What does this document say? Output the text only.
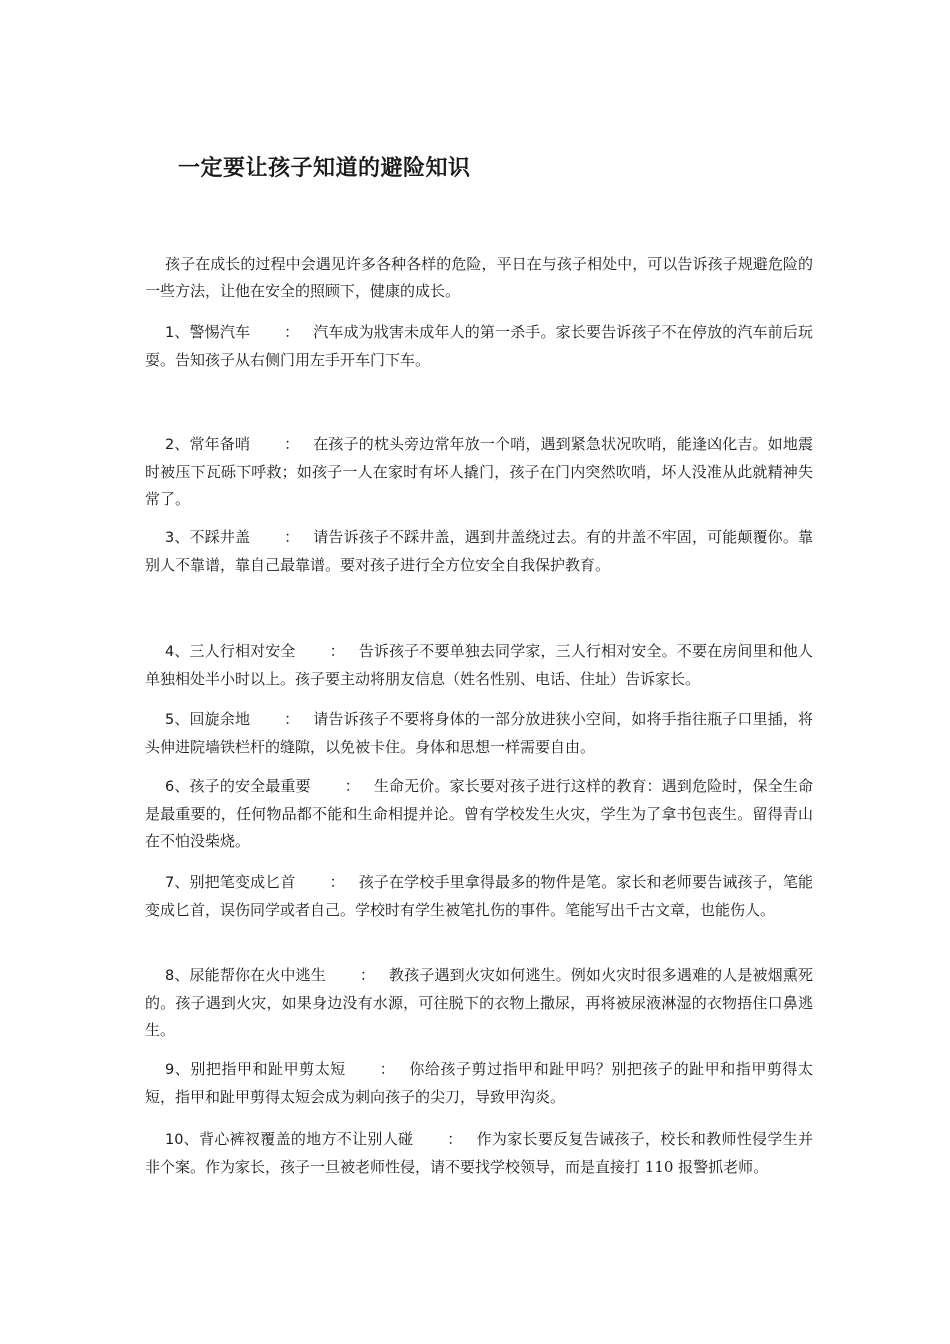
一定要让孩子知道的避险知识

孩子在成长的过程中会遇见许多各种各样的危险，平日在与孩子相处中，可以告诉孩子规避危险的一些方法，让他在安全的照顾下，健康的成长。

1、警惕汽车 ： 汽车成为戕害未成年人的第一杀手。家长要告诉孩子不在停放的汽车前后玩耍。告知孩子从右侧门用左手开车门下车。

2、常年备哨 ： 在孩子的枕头旁边常年放一个哨，遇到紧急状况吹哨，能逢凶化吉。如地震时被压下瓦砾下呼救；如孩子一人在家时有坏人撬门，孩子在门内突然吹哨，坏人没准从此就精神失常了。

3、不踩井盖 ： 请告诉孩子不踩井盖，遇到井盖绕过去。有的井盖不牢固，可能颠覆你。靠别人不靠谱，靠自己最靠谱。要对孩子进行全方位安全自我保护教育。

4、三人行相对安全 ： 告诉孩子不要单独去同学家，三人行相对安全。不要在房间里和他人单独相处半小时以上。孩子要主动将朋友信息（姓名性别、电话、住址）告诉家长。

5、回旋余地 ： 请告诉孩子不要将身体的一部分放进狭小空间，如将手指往瓶子口里插，将头伸进院墙铁栏杆的缝隙，以免被卡住。身体和思想一样需要自由。

6、孩子的安全最重要 ： 生命无价。家长要对孩子进行这样的教育：遇到危险时，保全生命是最重要的，任何物品都不能和生命相提并论。曾有学校发生火灾，学生为了拿书包丧生。留得青山在不怕没柴烧。

7、别把笔变成匕首 ： 孩子在学校手里拿得最多的物件是笔。家长和老师要告诫孩子，笔能变成匕首，误伤同学或者自己。学校时有学生被笔扎伤的事件。笔能写出千古文章，也能伤人。

8、尿能帮你在火中逃生 ： 教孩子遇到火灾如何逃生。例如火灾时很多遇难的人是被烟熏死的。孩子遇到火灾，如果身边没有水源，可往脱下的衣物上撒尿，再将被尿液淋湿的衣物捂住口鼻逃生。

9、别把指甲和趾甲剪太短 ： 你给孩子剪过指甲和趾甲吗？别把孩子的趾甲和指甲剪得太短，指甲和趾甲剪得太短会成为刺向孩子的尖刀，导致甲沟炎。

10、背心裤衩覆盖的地方不让别人碰 ： 作为家长要反复告诫孩子，校长和教师性侵学生并非个案。作为家长，孩子一旦被老师性侵，请不要找学校领导，而是直接打 110 报警抓老师。
